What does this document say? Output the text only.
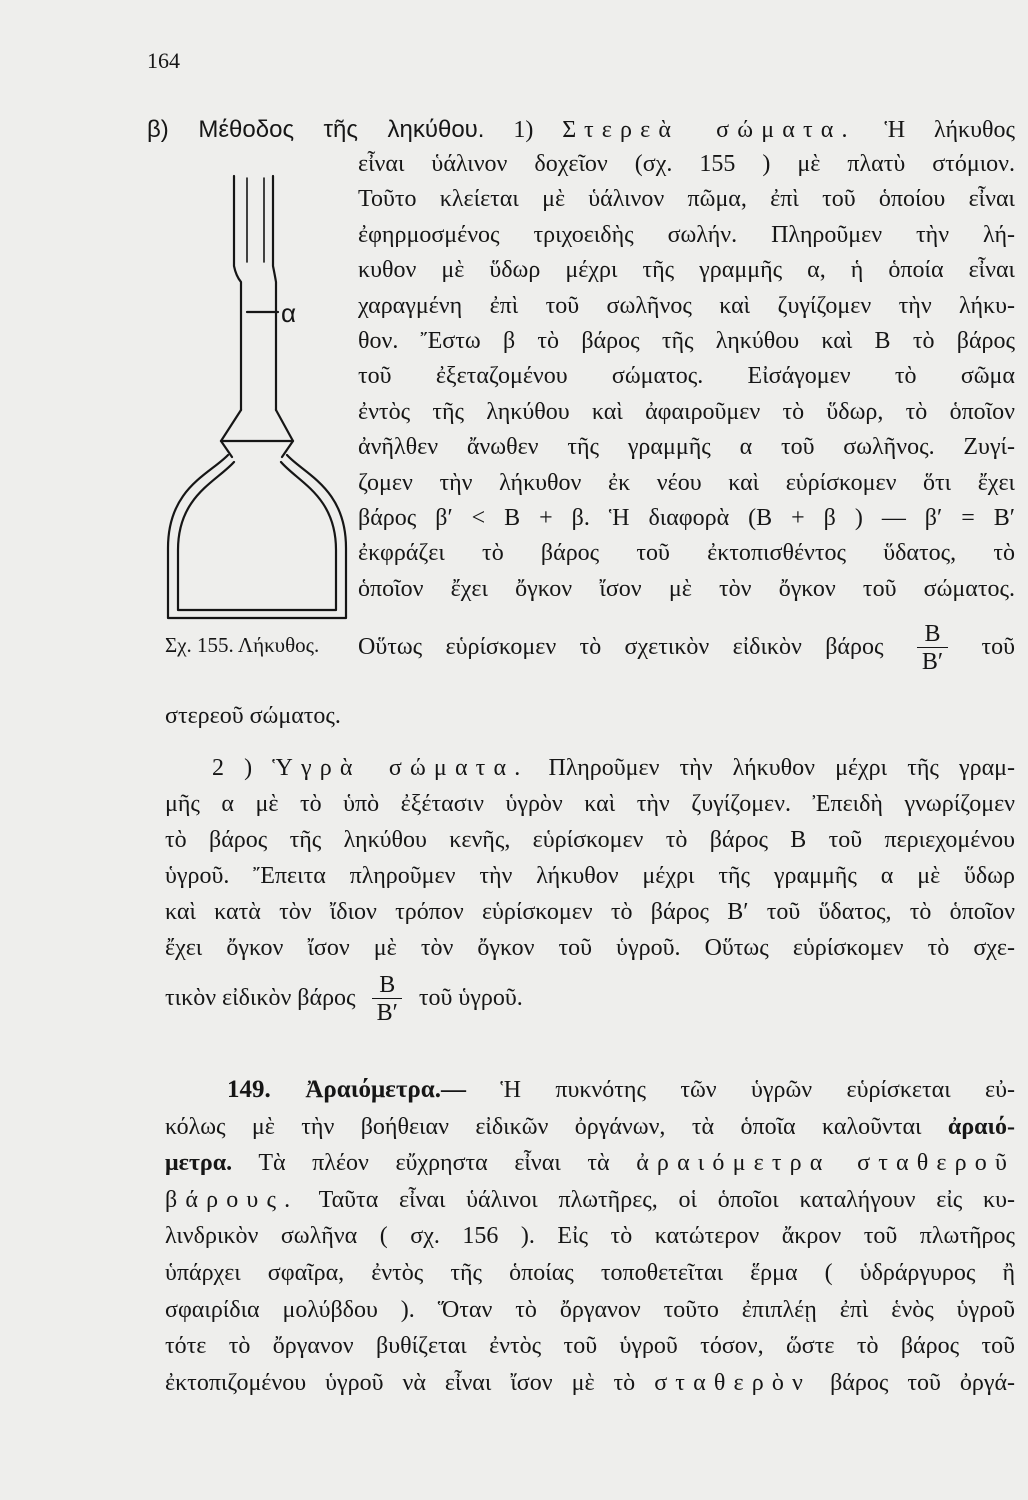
164
β) Μέθοδος τῆς ληκύθου. 1) Στερεὰ σώματα. Ἡ λήκυθος
εἶναι ὑάλινον δοχεῖον (σχ. 155 ) μὲ πλατὺ στόμιον.
Τοῦτο κλείεται μὲ ὑάλινον πῶμα, ἐπὶ τοῦ ὁποίου εἶναι
ἐφηρμοσμένος τριχοειδὴς σωλήν. Πληροῦμεν τὴν λή-
κυθον μὲ ὕδωρ μέχρι τῆς γραμμῆς α, ἡ ὁποία εἶναι
χαραγμένη ἐπὶ τοῦ σωλῆνος καὶ ζυγίζομεν τὴν λήκυ-
θον. Ἔστω β τὸ βάρος τῆς ληκύθου καὶ Β τὸ βάρος
τοῦ ἐξεταζομένου σώματος. Εἰσάγομεν τὸ σῶμα
ἐντὸς τῆς ληκύθου καὶ ἀφαιροῦμεν τὸ ὕδωρ, τὸ ὁποῖον
ἀνῆλθεν ἄνωθεν τῆς γραμμῆς α τοῦ σωλῆνος. Ζυγί-
ζομεν τὴν λήκυθον ἐκ νέου καὶ εὑρίσκομεν ὅτι ἔχει
βάρος β′ < Β + β. Ἡ διαφορὰ (Β + β ) — β′ = Β′
ἐκφράζει τὸ βάρος τοῦ ἐκτοπισθέντος ὕδατος, τὸ
ὁποῖον ἔχει ὄγκον ἴσον μὲ τὸν ὄγκον τοῦ σώματος.
Οὕτως εὑρίσκομεν τὸ σχετικὸν εἰδικὸν βάρος $\frac{B}{B'}$ τοῦ
α
Σχ. 155. Λήκυθος.
στερεοῦ σώματος.
2 ) Ὑγρὰ σώματα. Πληροῦμεν τὴν λήκυθον μέχρι τῆς γραμ-
μῆς α μὲ τὸ ὑπὸ ἐξέτασιν ὑγρὸν καὶ τὴν ζυγίζομεν. Ἐπειδὴ γνωρίζομεν
τὸ βάρος τῆς ληκύθου κενῆς, εὑρίσκομεν τὸ βάρος Β τοῦ περιεχομένου
ὑγροῦ. Ἔπειτα πληροῦμεν τὴν λήκυθον μέχρι τῆς γραμμῆς α μὲ ὕδωρ
καὶ κατὰ τὸν ἴδιον τρόπον εὑρίσκομεν τὸ βάρος Β′ τοῦ ὕδατος, τὸ ὁποῖον
ἔχει ὄγκον ἴσον μὲ τὸν ὄγκον τοῦ ὑγροῦ. Οὕτως εὑρίσκομεν τὸ σχε-
τικὸν εἰδικὸν βάρος $\frac{B}{B'}$ τοῦ ὑγροῦ.
149. Ἀραιόμετρα.— Ἡ πυκνότης τῶν ὑγρῶν εὑρίσκεται εὐ-
κόλως μὲ τὴν βοήθειαν εἰδικῶν ὀργάνων, τὰ ὁποῖα καλοῦνται ἀραιό-
μετρα. Τὰ πλέον εὔχρηστα εἶναι τὰ ἀραιόμετρα σταθεροῦ
βάρους. Ταῦτα εἶναι ὑάλινοι πλωτῆρες, οἱ ὁποῖοι καταλήγουν εἰς κυ-
λινδρικὸν σωλῆνα ( σχ. 156 ). Εἰς τὸ κατώτερον ἄκρον τοῦ πλωτῆρος
ὑπάρχει σφαῖρα, ἐντὸς τῆς ὁποίας τοποθετεῖται ἕρμα ( ὑδράργυρος ἢ
σφαιρίδια μολύβδου ). Ὅταν τὸ ὄργανον τοῦτο ἐπιπλέῃ ἐπὶ ἑνὸς ὑγροῦ
τότε τὸ ὄργανον βυθίζεται ἐντὸς τοῦ ὑγροῦ τόσον, ὥστε τὸ βάρος τοῦ
ἐκτοπιζομένου ὑγροῦ νὰ εἶναι ἴσον μὲ τὸ σταθερὸν βάρος τοῦ ὀργά-
